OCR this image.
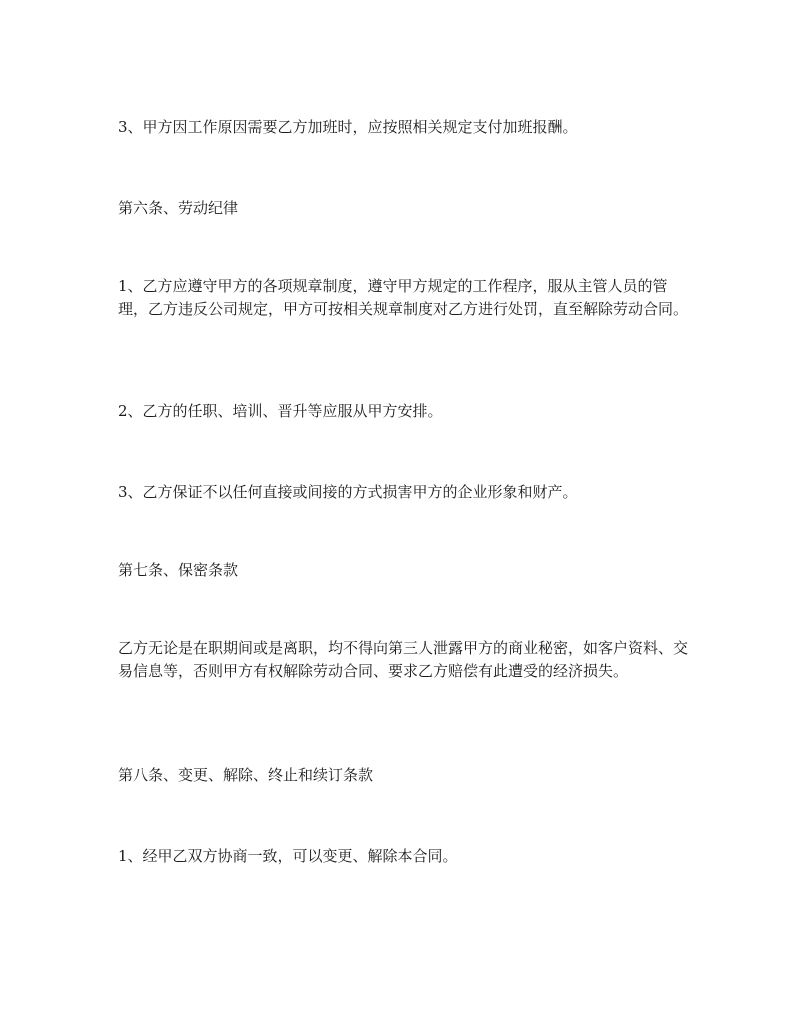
3、甲方因工作原因需要乙方加班时，应按照相关规定支付加班报酬。

第六条、劳动纪律

1、乙方应遵守甲方的各项规章制度，遵守甲方规定的工作程序，服从主管人员的管理，乙方违反公司规定，甲方可按相关规章制度对乙方进行处罚，直至解除劳动合同。

2、乙方的任职、培训、晋升等应服从甲方安排。

3、乙方保证不以任何直接或间接的方式损害甲方的企业形象和财产。

第七条、保密条款

乙方无论是在职期间或是离职，均不得向第三人泄露甲方的商业秘密，如客户资料、交易信息等，否则甲方有权解除劳动合同、要求乙方赔偿有此遭受的经济损失。

第八条、变更、解除、终止和续订条款

1、经甲乙双方协商一致，可以变更、解除本合同。
